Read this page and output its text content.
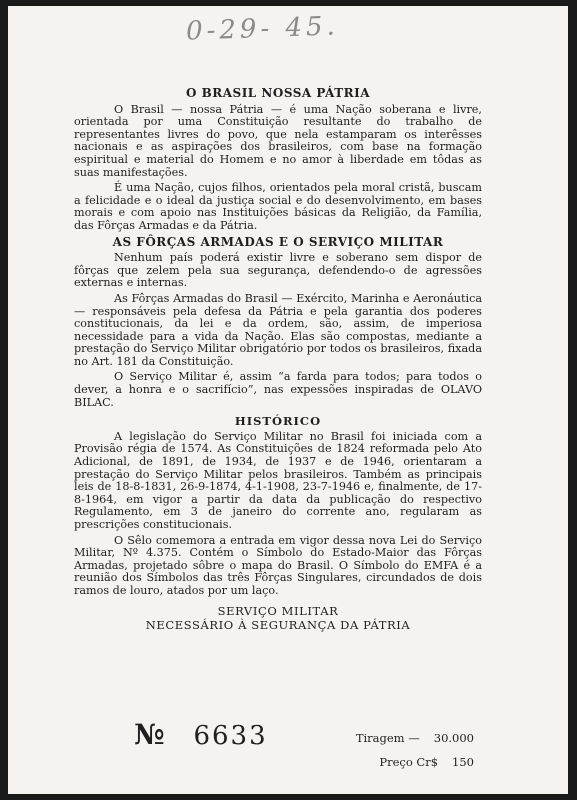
0-29- 45.
O BRASIL NOSSA PÁTRIA

O Brasil — nossa Pátria — é uma Nação soberana e livre, orientada por uma Constituição resultante do trabalho de representantes livres do povo, que nela estamparam os interêsses nacionais e as aspirações dos brasileiros, com base na formação espiritual e material do Homem e no amor à liberdade em tôdas as suas manifestações.

É uma Nação, cujos filhos, orientados pela moral cristã, buscam a felicidade e o ideal da justiça social e do desenvolvimento, em bases morais e com apoio nas Instituições básicas da Religião, da Família, das Fôrças Armadas e da Pátria.

AS FÔRÇAS ARMADAS E O SERVIÇO MILITAR

Nenhum país poderá existir livre e soberano sem dispor de fôrças que zelem pela sua segurança, defendendo-o de agressões externas e internas.

As Fôrças Armadas do Brasil — Exército, Marinha e Aeronáutica — responsáveis pela defesa da Pátria e pela garantia dos poderes constitucionais, da lei e da ordem, são, assim, de imperiosa necessidade para a vida da Nação. Elas são compostas, mediante a prestação do Serviço Militar obrigatório por todos os brasileiros, fixada no Art. 181 da Constituição.

O Serviço Militar é, assim “a farda para todos; para todos o dever, a honra e o sacrifício”, nas expessões inspiradas de OLAVO BILAC.

HISTÓRICO

A legislação do Serviço Militar no Brasil foi iniciada com a Provisão régia de 1574. As Constituições de 1824 reformada pelo Ato Adicional, de 1891, de 1934, de 1937 e de 1946, orientaram a prestação do Serviço Militar pelos brasileiros. Também as principais leis de 18-8-1831, 26-9-1874, 4-1-1908, 23-7-1946 e, finalmente, de 17-8-1964, em vigor a partir da data da publicação do respectivo Regulamento, em 3 de janeiro do corrente ano, regularam as prescrições constitucionais.

O Sêlo comemora a entrada em vigor dessa nova Lei do Serviço Militar, Nº 4.375. Contém o Símbolo do Estado-Maior das Fôrças Armadas, projetado sôbre o mapa do Brasil. O Símbolo do EMFA é a reunião dos Símbolos das três Fôrças Singulares, circundados de dois ramos de louro, atados por um laço.

SERVIÇO MILITAR
NECESSÁRIO À SEGURANÇA DA PÁTRIA
№ 6633	Tiragem — 30.000
Preço Cr$ 150
